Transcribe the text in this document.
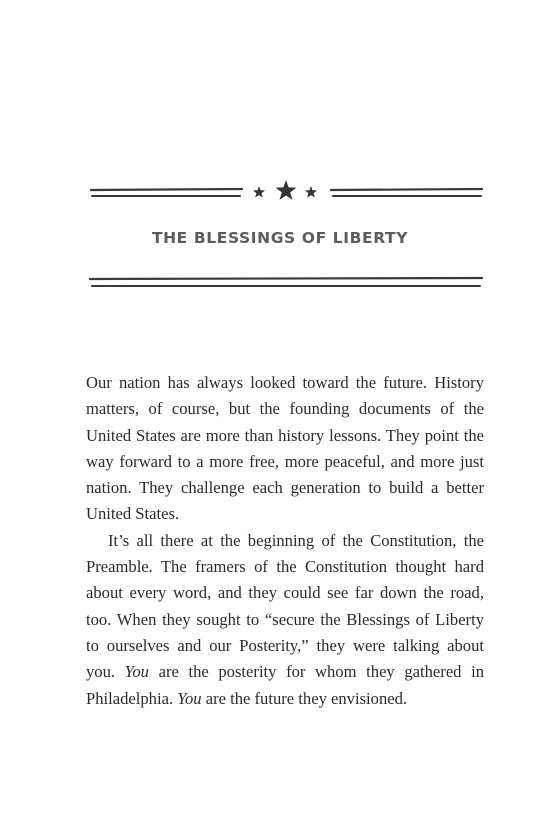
THE BLESSINGS OF LIBERTY

Our nation has always looked toward the future. History matters, of course, but the founding documents of the United States are more than history lessons. They point the way forward to a more free, more peaceful, and more just nation. They challenge each generation to build a better United States.

It’s all there at the beginning of the Constitution, the Preamble. The framers of the Constitution thought hard about every word, and they could see far down the road, too. When they sought to “secure the Blessings of Liberty to ourselves and our Posterity,” they were talking about you. You are the posterity for whom they gathered in Philadelphia. You are the future they envisioned.
